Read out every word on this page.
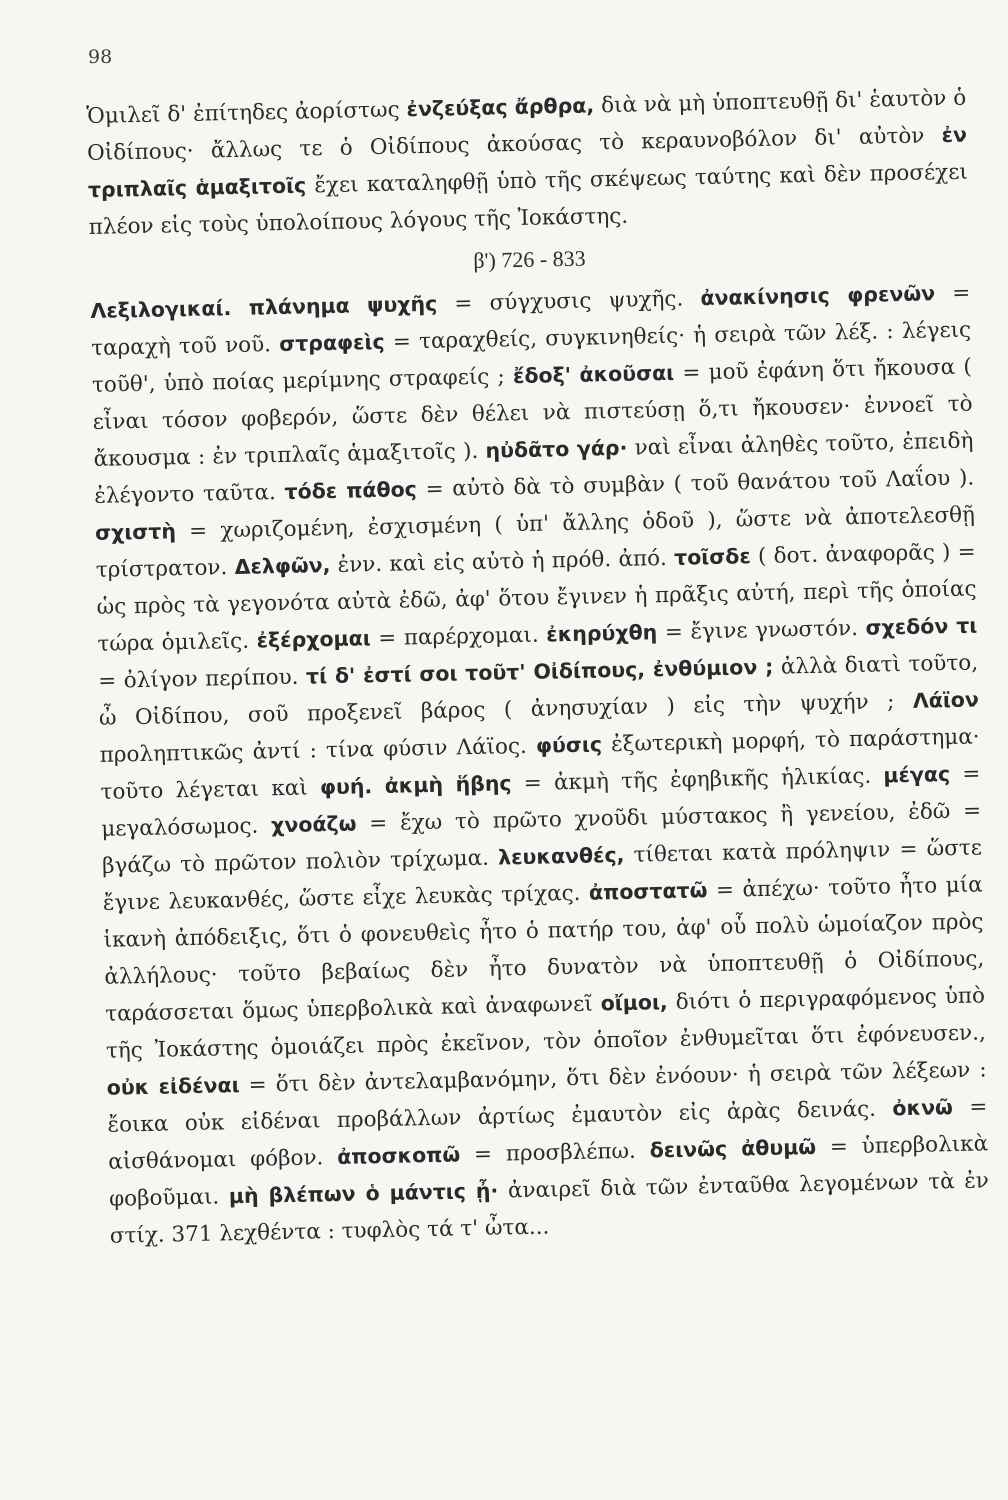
98

Ὁμιλεῖ δ' ἐπίτηδες ἀορίστως ἐνζεύξας ἄρθρα, διὰ νὰ μὴ ὑποπτευθῇ δι' ἑαυτὸν ὁ Οἰδίπους· ἄλλως τε ὁ Οἰδίπους ἀκούσας τὸ κεραυνοβόλον δι' αὐτὸν ἐν τριπλαῖς ἁμαξιτοῖς ἔχει καταληφθῇ ὑπὸ τῆς σκέψεως ταύτης καὶ δὲν προσέχει πλέον εἰς τοὺς ὑπολοίπους λόγους τῆς Ἰοκάστης.

β') 726 - 833

Λεξιλογικαί. πλάνημα ψυχῆς = σύγχυσις ψυχῆς. ἀνακίνησις φρενῶν = ταραχὴ τοῦ νοῦ. στραφεὶς = ταραχθείς, συγκινηθείς· ἡ σειρὰ τῶν λέξ. : λέγεις τοῦθ', ὑπὸ ποίας μερίμνης στραφείς ; ἔδοξ' ἀκοῦσαι = μοῦ ἐφάνη ὅτι ἤκουσα ( εἶναι τόσον φοβερόν, ὥστε δὲν θέλει νὰ πιστεύσῃ ὅ,τι ἤκουσεν· ἐννοεῖ τὸ ἄκουσμα : ἐν τριπλαῖς ἁμαξιτοῖς ). ηὐδᾶτο γάρ· ναὶ εἶναι ἀληθὲς τοῦτο, ἐπειδὴ ἐλέγοντο ταῦτα. τόδε πάθος = αὐτὸ δὰ τὸ συμβὰν ( τοῦ θανάτου τοῦ Λαΐου ). σχιστὴ = χωριζομένη, ἐσχισμένη ( ὑπ' ἄλλης ὁδοῦ ), ὥστε νὰ ἀποτελεσθῇ τρίστρατον. Δελφῶν, ἐνν. καὶ εἰς αὐτὸ ἡ πρόθ. ἀπό. τοῖσδε ( δοτ. ἀναφορᾶς ) = ὡς πρὸς τὰ γεγονότα αὐτὰ ἐδῶ, ἀφ' ὅτου ἔγινεν ἡ πρᾶξις αὐτή, περὶ τῆς ὁποίας τώρα ὁμιλεῖς. ἐξέρχομαι = παρέρχομαι. ἐκηρύχθη = ἔγινε γνωστόν. σχεδόν τι = ὀλίγον περίπου. τί δ' ἐστί σοι τοῦτ' Οἰδίπους, ἐνθύμιον ; ἀλλὰ διατὶ τοῦτο, ὦ Οἰδίπου, σοῦ προξενεῖ βάρος ( ἀνησυχίαν ) εἰς τὴν ψυχήν ; Λάϊον προληπτικῶς ἀντί : τίνα φύσιν Λάϊος. φύσις ἐξωτερικὴ μορφή, τὸ παράστημα· τοῦτο λέγεται καὶ φυή. ἀκμὴ ἥβης = ἀκμὴ τῆς ἐφηβικῆς ἡλικίας. μέγας = μεγαλόσωμος. χνοάζω = ἔχω τὸ πρῶτο χνοῦδι μύστακος ἢ γενείου, ἐδῶ = βγάζω τὸ πρῶτον πολιὸν τρίχωμα. λευκανθές, τίθεται κατὰ πρόληψιν = ὥστε ἔγινε λευκανθές, ὥστε εἶχε λευκὰς τρίχας. ἀποστατῶ = ἀπέχω· τοῦτο ἦτο μία ἱκανὴ ἀπόδειξις, ὅτι ὁ φονευθεὶς ἦτο ὁ πατήρ του, ἀφ' οὗ πολὺ ὡμοίαζον πρὸς ἀλλήλους· τοῦτο βεβαίως δὲν ἦτο δυνατὸν νὰ ὑποπτευθῇ ὁ Οἰδίπους, ταράσσεται ὅμως ὑπερβολικὰ καὶ ἀναφωνεῖ οἴμοι, διότι ὁ περιγραφόμενος ὑπὸ τῆς Ἰοκάστης ὁμοιάζει πρὸς ἐκεῖνον, τὸν ὁποῖον ἐνθυμεῖται ὅτι ἐφόνευσεν., οὐκ εἰδέναι = ὅτι δὲν ἀντελαμβανόμην, ὅτι δὲν ἐνόουν· ἡ σειρὰ τῶν λέξεων : ἔοικα οὐκ εἰδέναι προβάλλων ἀρτίως ἐμαυτὸν εἰς ἀρὰς δεινάς. ὀκνῶ = αἰσθάνομαι φόβον. ἀποσκοπῶ = προσβλέπω. δεινῶς ἀθυμῶ = ὑπερβολικὰ φοβοῦμαι. μὴ βλέπων ὁ μάντις ᾖ· ἀναιρεῖ διὰ τῶν ἐνταῦθα λεγομένων τὰ ἐν στίχ. 371 λεχθέντα : τυφλὸς τά τ' ὦτα...
